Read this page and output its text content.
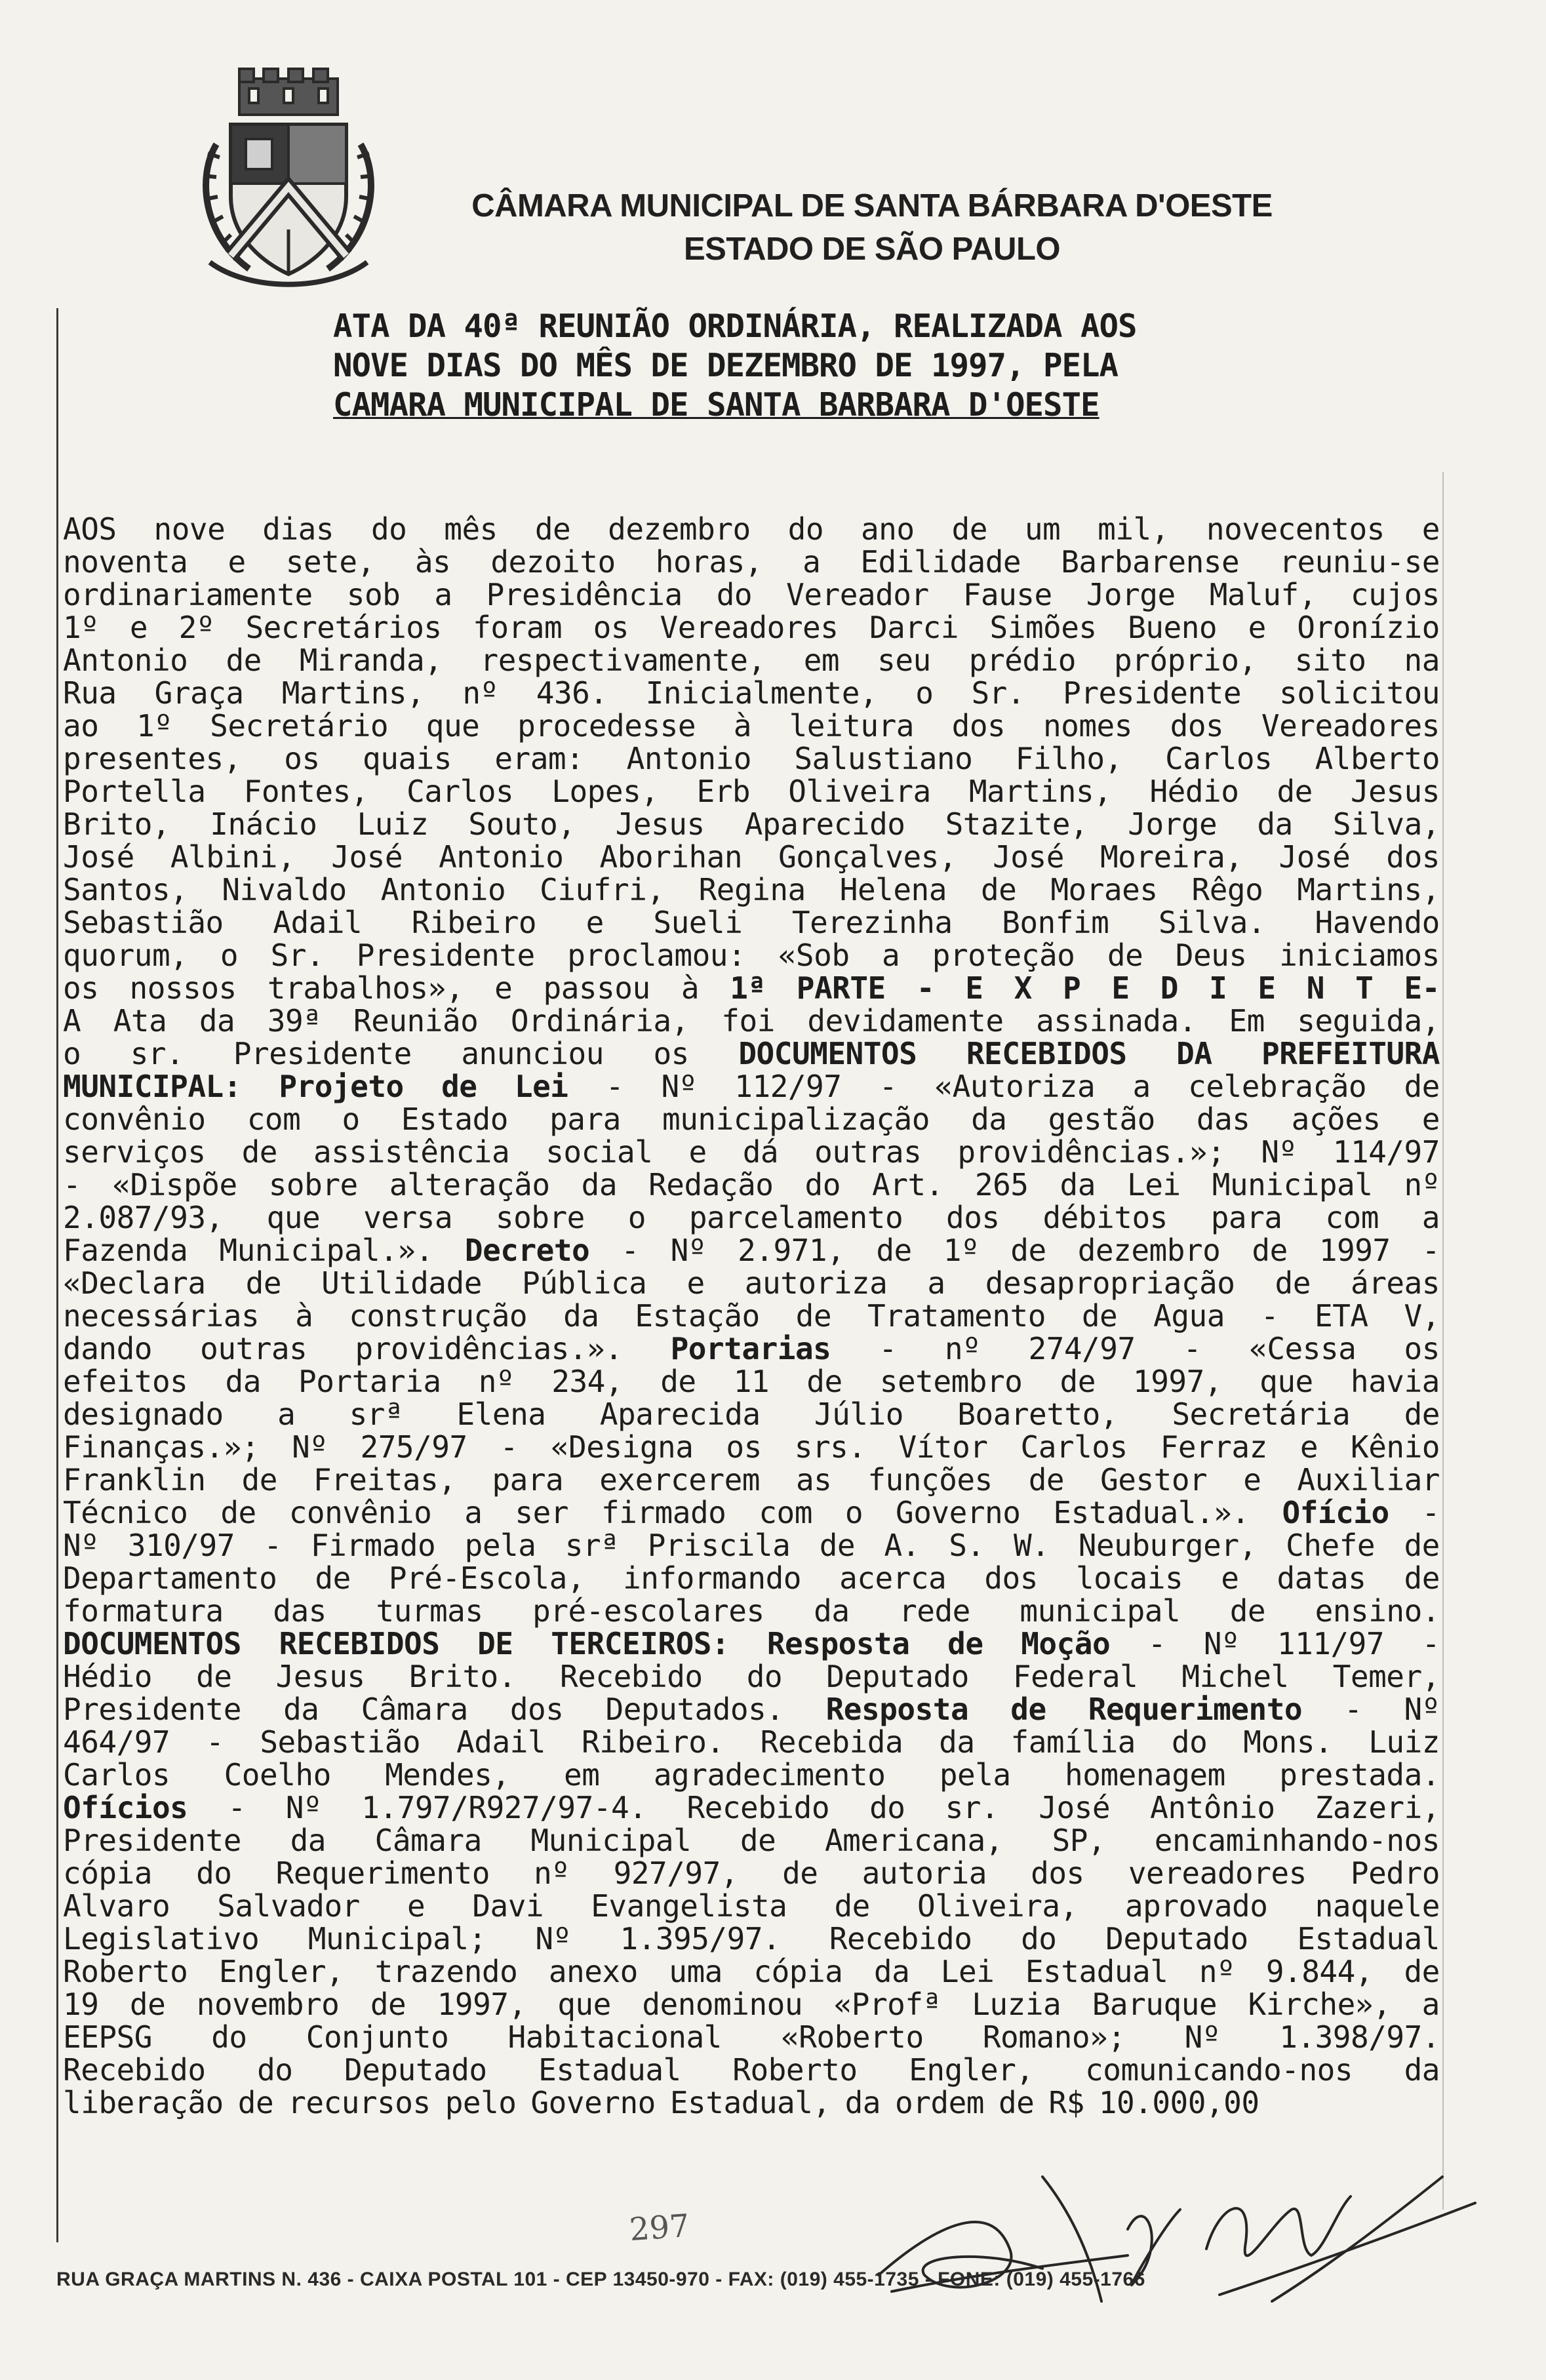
CÂMARA MUNICIPAL DE SANTA BÁRBARA D'OESTE
ESTADO DE SÃO PAULO
ATA DA 40ª REUNIÃO ORDINÁRIA, REALIZADA AOS
NOVE DIAS DO MÊS DE DEZEMBRO DE 1997, PELA
CAMARA MUNICIPAL DE SANTA BARBARA D'OESTE
AOS nove dias do mês de dezembro do ano de um mil, novecentos e
noventa e sete, às dezoito horas, a Edilidade Barbarense reuniu-se
ordinariamente sob a Presidência do Vereador Fause Jorge Maluf, cujos
1º e 2º Secretários foram os Vereadores Darci Simões Bueno e Oronízio
Antonio de Miranda, respectivamente, em seu prédio próprio, sito na
Rua Graça Martins, nº 436. Inicialmente, o Sr. Presidente solicitou
ao 1º Secretário que procedesse à leitura dos nomes dos Vereadores
presentes, os quais eram: Antonio Salustiano Filho, Carlos Alberto
Portella Fontes, Carlos Lopes, Erb Oliveira Martins, Hédio de Jesus
Brito, Inácio Luiz Souto, Jesus Aparecido Stazite, Jorge da Silva,
José Albini, José Antonio Aborihan Gonçalves, José Moreira, José dos
Santos, Nivaldo Antonio Ciufri, Regina Helena de Moraes Rêgo Martins,
Sebastião Adail Ribeiro e Sueli Terezinha Bonfim Silva. Havendo
quorum, o Sr. Presidente proclamou: «Sob a proteção de Deus iniciamos
os nossos trabalhos», e passou à 1ª PARTE - E X P E D I E N T E-
A Ata da 39ª Reunião Ordinária, foi devidamente assinada. Em seguida,
o sr. Presidente anunciou os DOCUMENTOS RECEBIDOS DA PREFEITURA
MUNICIPAL: Projeto de Lei - Nº 112/97 - «Autoriza a celebração de
convênio com o Estado para municipalização da gestão das ações e
serviços de assistência social e dá outras providências.»; Nº 114/97
- «Dispõe sobre alteração da Redação do Art. 265 da Lei Municipal nº
2.087/93, que versa sobre o parcelamento dos débitos para com a
Fazenda Municipal.». Decreto - Nº 2.971, de 1º de dezembro de 1997 -
«Declara de Utilidade Pública e autoriza a desapropriação de áreas
necessárias à construção da Estação de Tratamento de Agua - ETA V,
dando outras providências.». Portarias - nº 274/97 - «Cessa os
efeitos da Portaria nº 234, de 11 de setembro de 1997, que havia
designado a srª Elena Aparecida Júlio Boaretto, Secretária de
Finanças.»; Nº 275/97 - «Designa os srs. Vítor Carlos Ferraz e Kênio
Franklin de Freitas, para exercerem as funções de Gestor e Auxiliar
Técnico de convênio a ser firmado com o Governo Estadual.». Ofício -
Nº 310/97 - Firmado pela srª Priscila de A. S. W. Neuburger, Chefe de
Departamento de Pré-Escola, informando acerca dos locais e datas de
formatura das turmas pré-escolares da rede municipal de ensino.
DOCUMENTOS RECEBIDOS DE TERCEIROS: Resposta de Moção - Nº 111/97 -
Hédio de Jesus Brito. Recebido do Deputado Federal Michel Temer,
Presidente da Câmara dos Deputados. Resposta de Requerimento - Nº
464/97 - Sebastião Adail Ribeiro. Recebida da família do Mons. Luiz
Carlos Coelho Mendes, em agradecimento pela homenagem prestada.
Ofícios - Nº 1.797/R927/97-4. Recebido do sr. José Antônio Zazeri,
Presidente da Câmara Municipal de Americana, SP, encaminhando-nos
cópia do Requerimento nº 927/97, de autoria dos vereadores Pedro
Alvaro Salvador e Davi Evangelista de Oliveira, aprovado naquele
Legislativo Municipal; Nº 1.395/97. Recebido do Deputado Estadual
Roberto Engler, trazendo anexo uma cópia da Lei Estadual nº 9.844, de
19 de novembro de 1997, que denominou «Profª Luzia Baruque Kirche», a
EEPSG do Conjunto Habitacional «Roberto Romano»; Nº 1.398/97.
Recebido do Deputado Estadual Roberto Engler, comunicando-nos da
liberação de recursos pelo Governo Estadual, da ordem de R$ 10.000,00
297
RUA GRAÇA MARTINS N. 436 - CAIXA POSTAL 101 - CEP 13450-970 - FAX: (019) 455-1735 - FONE: (019) 455-1766
